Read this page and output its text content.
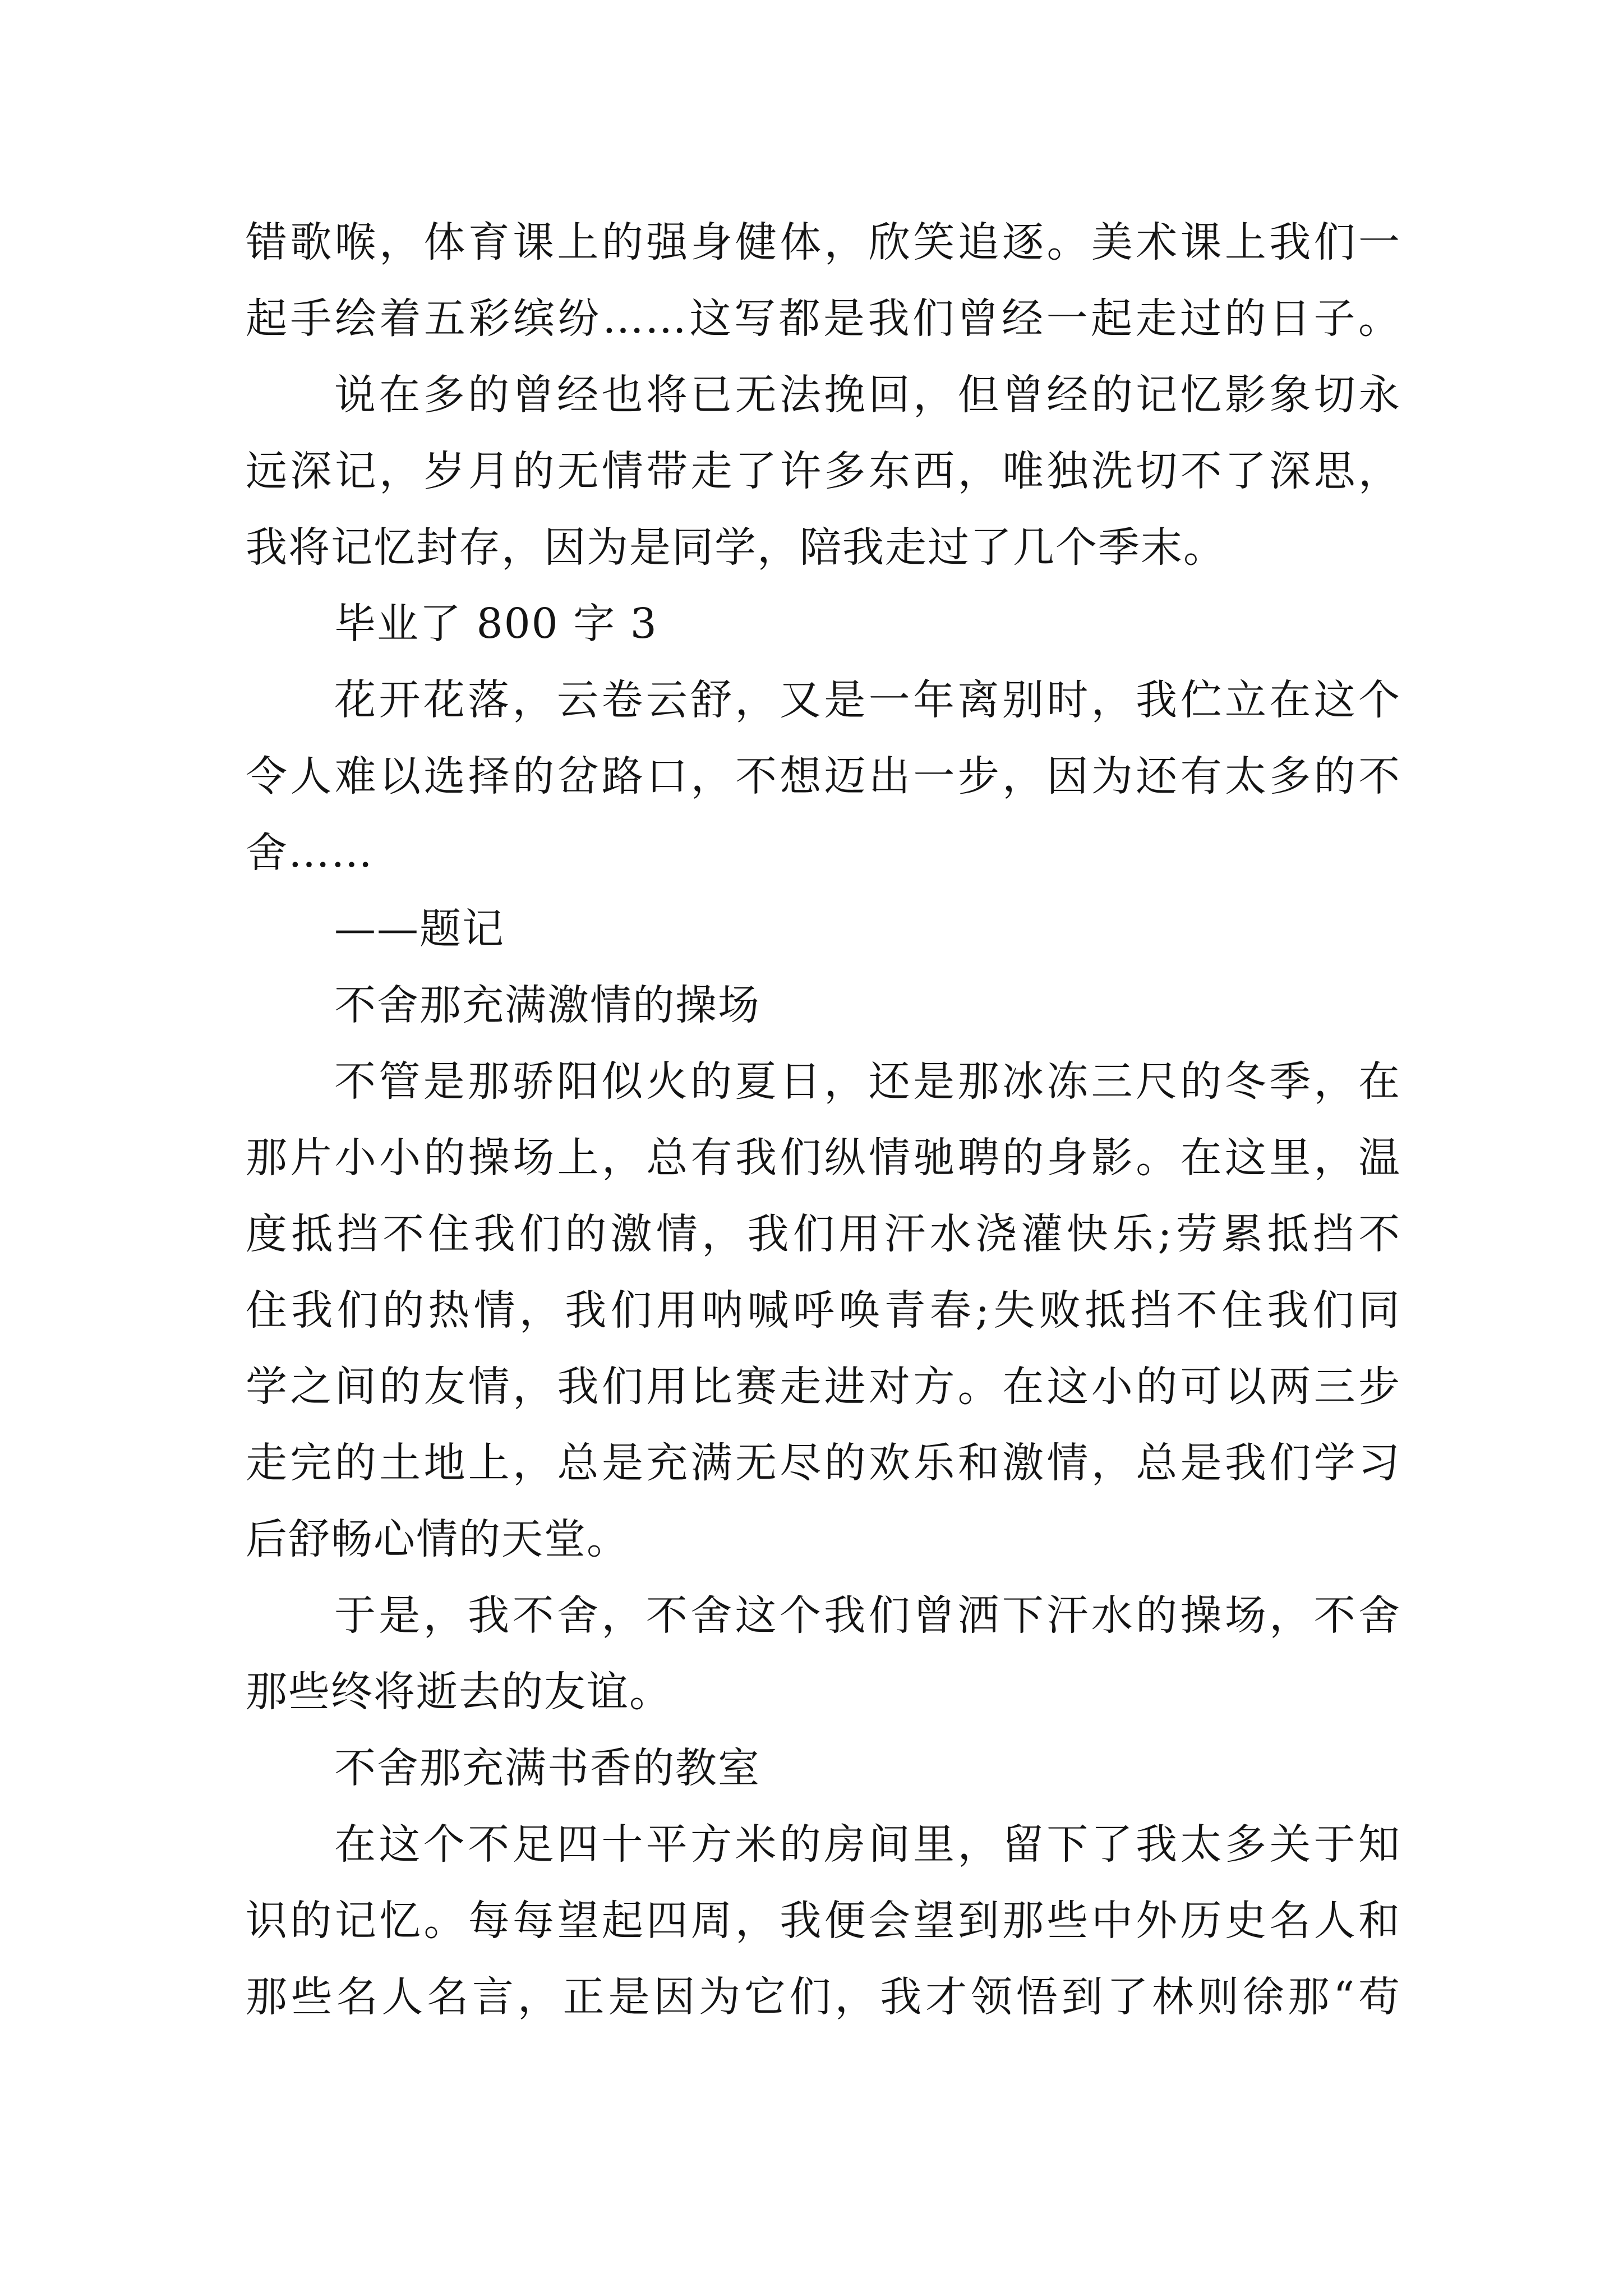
错歌喉，体育课上的强身健体，欣笑追逐。美术课上我们一
起手绘着五彩缤纷……这写都是我们曾经一起走过的日子。
说在多的曾经也将已无法挽回，但曾经的记忆影象切永
远深记，岁月的无情带走了许多东西，唯独洗切不了深思，
我将记忆封存，因为是同学，陪我走过了几个季末。
毕业了 800 字 3
花开花落，云卷云舒，又是一年离别时，我伫立在这个
令人难以选择的岔路口，不想迈出一步，因为还有太多的不
舍……
——题记
不舍那充满激情的操场
不管是那骄阳似火的夏日，还是那冰冻三尺的冬季，在
那片小小的操场上，总有我们纵情驰聘的身影。在这里，温
度抵挡不住我们的激情，我们用汗水浇灌快乐;劳累抵挡不
住我们的热情，我们用呐喊呼唤青春;失败抵挡不住我们同
学之间的友情，我们用比赛走进对方。在这小的可以两三步
走完的土地上，总是充满无尽的欢乐和激情，总是我们学习
后舒畅心情的天堂。
于是，我不舍，不舍这个我们曾洒下汗水的操场，不舍
那些终将逝去的友谊。
不舍那充满书香的教室
在这个不足四十平方米的房间里，留下了我太多关于知
识的记忆。每每望起四周，我便会望到那些中外历史名人和
那些名人名言，正是因为它们，我才领悟到了林则徐那“苟
